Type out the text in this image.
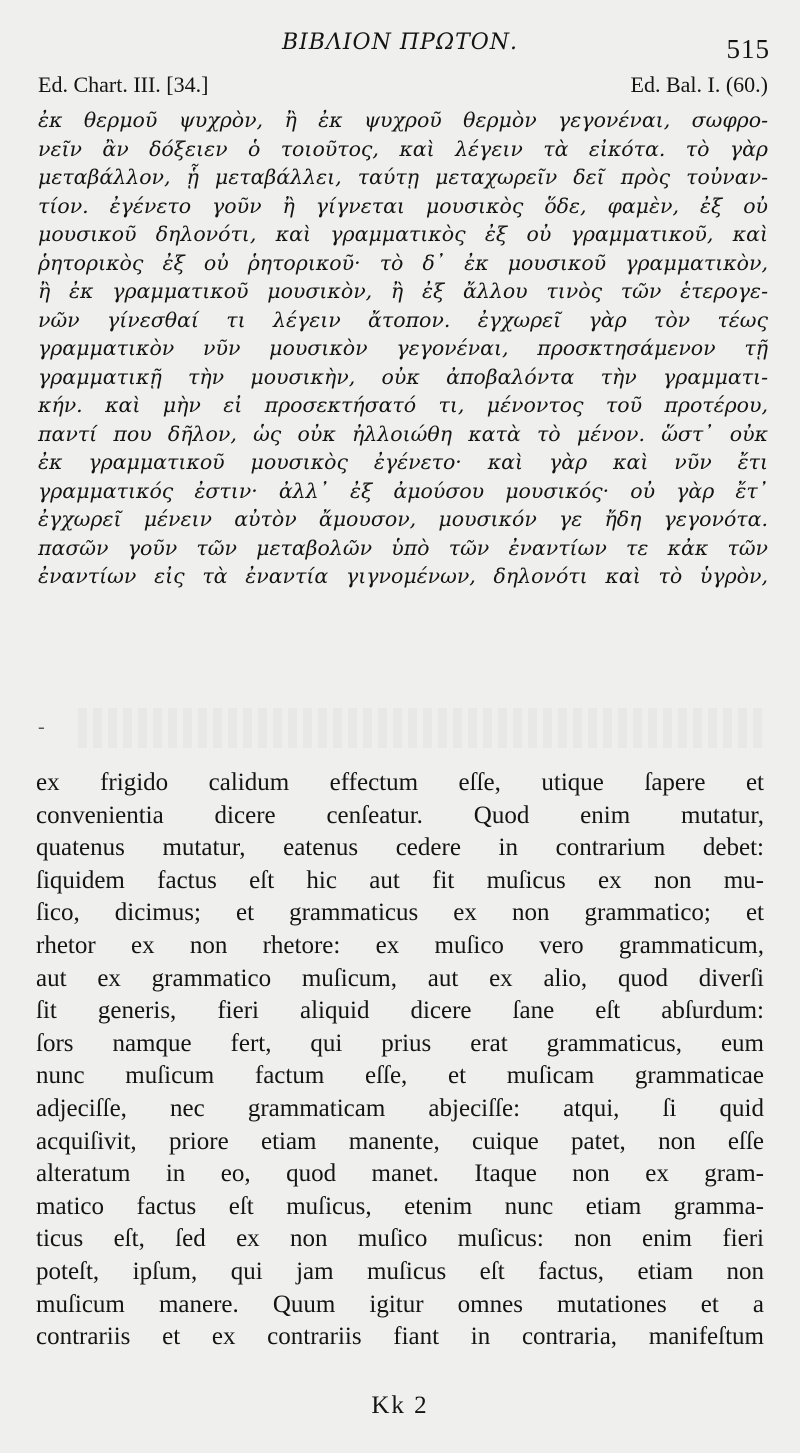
ΒΙΒΛΙΟΝ ΠΡΩΤΟΝ.	515
Ed. Chart. III. [34.]	Ed. Bal. I. (60.)
ἐκ θερμοῦ ψυχρὸν, ἢ ἐκ ψυχροῦ θερμὸν γεγονέναι, σωφρο-
νεῖν ἂν δόξειεν ὁ τοιοῦτος, καὶ λέγειν τὰ εἰκότα. τὸ γὰρ
μεταβάλλον, ᾗ μεταβάλλει, ταύτῃ μεταχωρεῖν δεῖ πρὸς τοὐναν-
τίον. ἐγένετο γοῦν ἢ γίγνεται μουσικὸς ὅδε, φαμὲν, ἐξ οὐ
μουσικοῦ δηλονότι, καὶ γραμματικὸς ἐξ οὐ γραμματικοῦ, καὶ
ῥητορικὸς ἐξ οὐ ῥητορικοῦ· τὸ δ᾽ ἐκ μουσικοῦ γραμματικὸν,
ἢ ἐκ γραμματικοῦ μουσικὸν, ἢ ἐξ ἄλλου τινὸς τῶν ἑτερογε-
νῶν γίνεσθαί τι λέγειν ἄτοπον. ἐγχωρεῖ γὰρ τὸν τέως
γραμματικὸν νῦν μουσικὸν γεγονέναι, προσκτησάμενον τῇ
γραμματικῇ τὴν μουσικὴν, οὐκ ἀποβαλόντα τὴν γραμματι-
κήν. καὶ μὴν εἰ προσεκτήσατό τι, μένοντος τοῦ προτέρου,
παντί που δῆλον, ὡς οὐκ ἠλλοιώθη κατὰ τὸ μένον. ὥστ᾽ οὐκ
ἐκ γραμματικοῦ μουσικὸς ἐγένετο· καὶ γὰρ καὶ νῦν ἔτι
γραμματικός ἐστιν· ἀλλ᾽ ἐξ ἀμούσου μουσικός· οὐ γὰρ ἔτ᾽
ἐγχωρεῖ μένειν αὐτὸν ἄμουσον, μουσικόν γε ἤδη γεγονότα.
πασῶν γοῦν τῶν μεταβολῶν ὑπὸ τῶν ἐναντίων τε κἀκ τῶν
ἐναντίων εἰς τὰ ἐναντία γιγνομένων, δηλονότι καὶ τὸ ὑγρὸν,
-
ex frigido calidum effectum eſſe, utique ſapere et
convenientia dicere cenſeatur. Quod enim mutatur,
quatenus mutatur, eatenus cedere in contrarium debet:
ſiquidem factus eſt hic aut fit muſicus ex non mu-
ſico, dicimus; et grammaticus ex non grammatico; et
rhetor ex non rhetore: ex muſico vero grammaticum,
aut ex grammatico muſicum, aut ex alio, quod diverſi
ſit generis, fieri aliquid dicere ſane eſt abſurdum:
ſors namque fert, qui prius erat grammaticus, eum
nunc muſicum factum eſſe, et muſicam grammaticae
adjeciſſe, nec grammaticam abjeciſſe: atqui, ſi quid
acquiſivit, priore etiam manente, cuique patet, non eſſe
alteratum in eo, quod manet. Itaque non ex gram-
matico factus eſt muſicus, etenim nunc etiam gramma-
ticus eſt, ſed ex non muſico muſicus: non enim fieri
poteſt, ipſum, qui jam muſicus eſt factus, etiam non
muſicum manere. Quum igitur omnes mutationes et a
contrariis et ex contrariis fiant in contraria, manifeſtum
Kk 2
